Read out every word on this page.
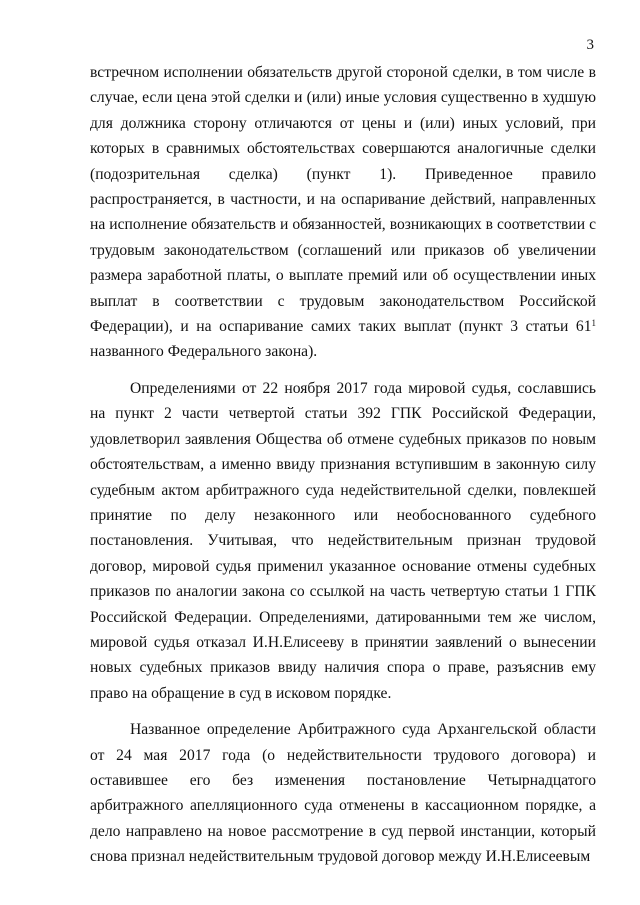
3

встречном исполнении обязательств другой стороной сделки, в том числе в случае, если цена этой сделки и (или) иные условия существенно в худшую для должника сторону отличаются от цены и (или) иных условий, при которых в сравнимых обстоятельствах совершаются аналогичные сделки (подозрительная сделка) (пункт 1). Приведенное правило распространяется, в частности, и на оспаривание действий, направленных на исполнение обязательств и обязанностей, возникающих в соответствии с трудовым законодательством (соглашений или приказов об увеличении размера заработной платы, о выплате премий или об осуществлении иных выплат в соответствии с трудовым законодательством Российской Федерации), и на оспаривание самих таких выплат (пункт 3 статьи $61^1$ названного Федерального закона).

Определениями от 22 ноября 2017 года мировой судья, сославшись на пункт 2 части четвертой статьи 392 ГПК Российской Федерации, удовлетворил заявления Общества об отмене судебных приказов по новым обстоятельствам, а именно ввиду признания вступившим в законную силу судебным актом арбитражного суда недействительной сделки, повлекшей принятие по делу незаконного или необоснованного судебного постановления. Учитывая, что недействительным признан трудовой договор, мировой судья применил указанное основание отмены судебных приказов по аналогии закона со ссылкой на часть четвертую статьи 1 ГПК Российской Федерации. Определениями, датированными тем же числом, мировой судья отказал И.Н.Елисееву в принятии заявлений о вынесении новых судебных приказов ввиду наличия спора о праве, разъяснив ему право на обращение в суд в исковом порядке.

Названное определение Арбитражного суда Архангельской области от 24 мая 2017 года (о недействительности трудового договора) и оставившее его без изменения постановление Четырнадцатого арбитражного апелляционного суда отменены в кассационном порядке, а дело направлено на новое рассмотрение в суд первой инстанции, который снова признал недействительным трудовой договор между И.Н.Елисеевым
